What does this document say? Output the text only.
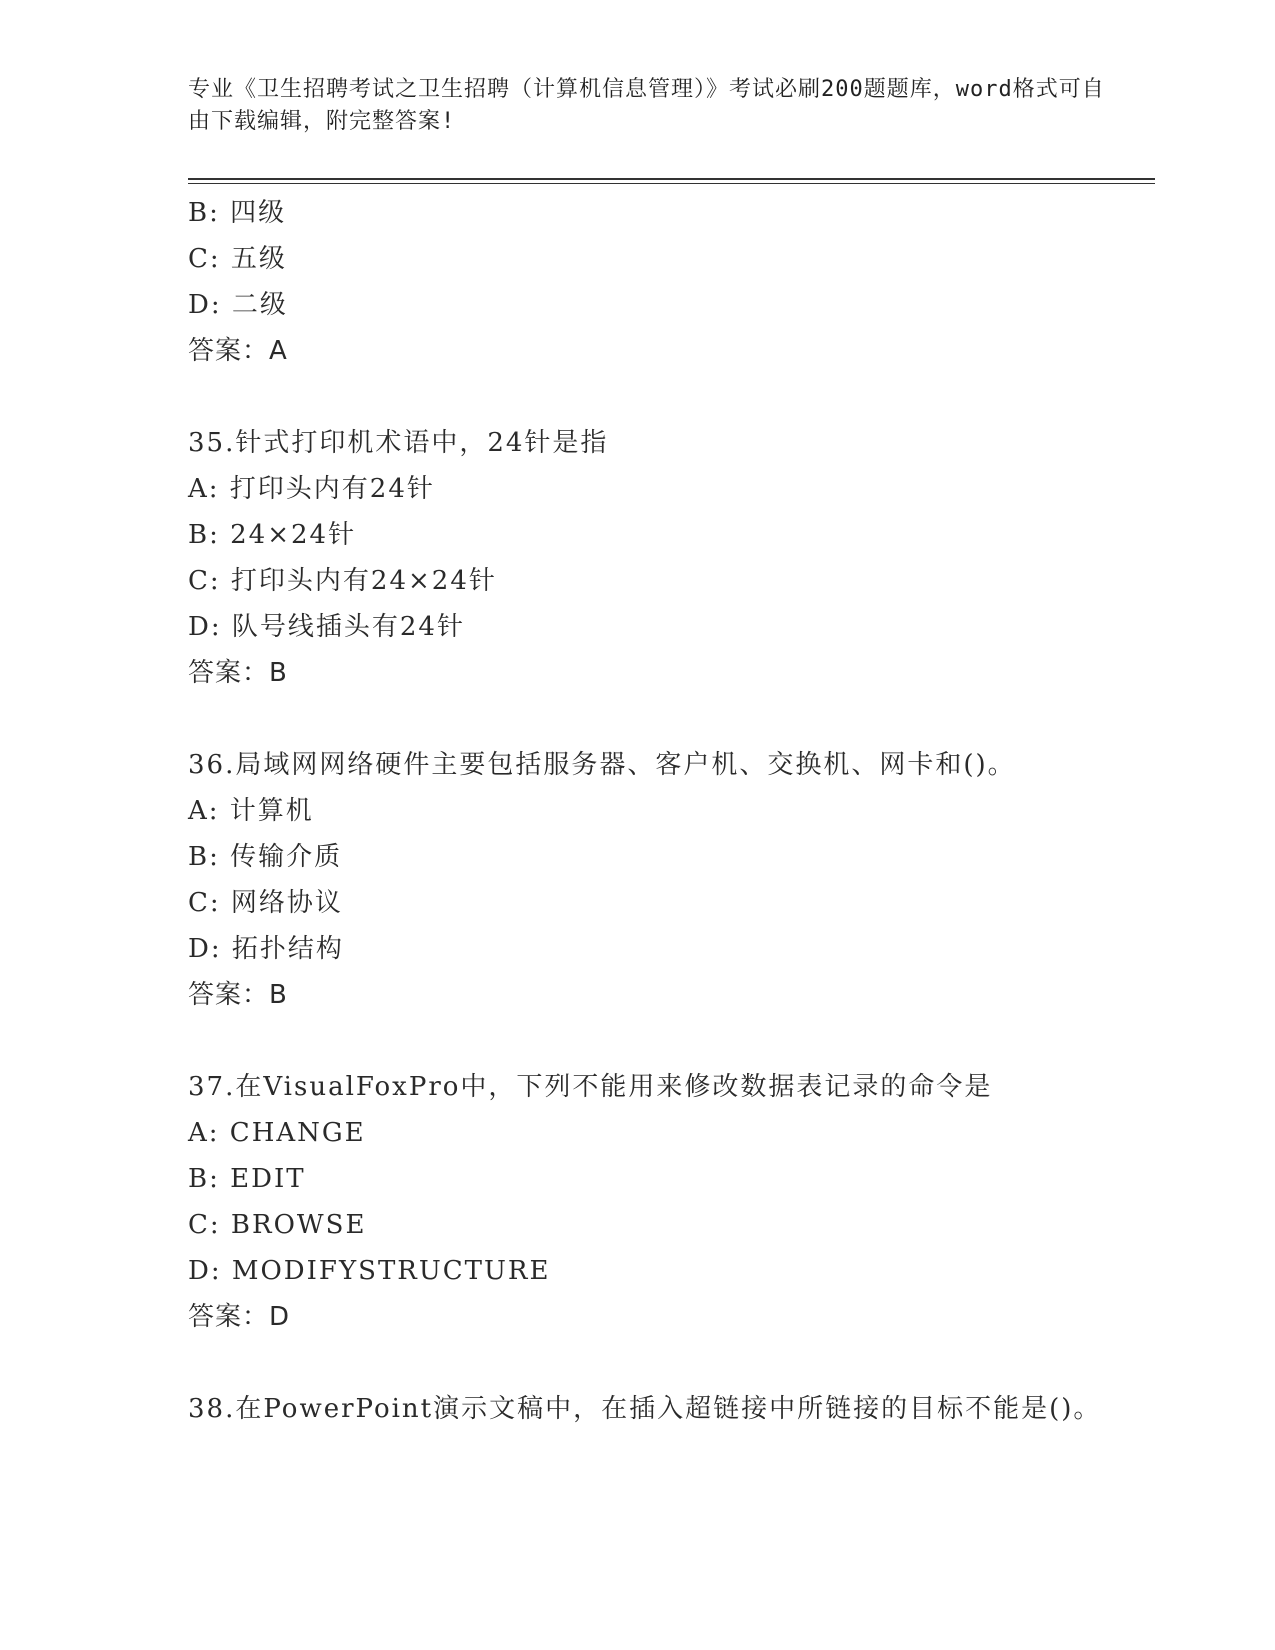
专业《卫生招聘考试之卫生招聘（计算机信息管理）》考试必刷200题题库，word格式可自由下载编辑，附完整答案!
B: 四级
C: 五级
D: 二级
答案：A
35.针式打印机术语中，24针是指
A: 打印头内有24针
B: 24×24针
C: 打印头内有24×24针
D: 队号线插头有24针
答案：B
36.局域网网络硬件主要包括服务器、客户机、交换机、网卡和()。
A: 计算机
B: 传输介质
C: 网络协议
D: 拓扑结构
答案：B
37.在VisualFoxPro中，下列不能用来修改数据表记录的命令是
A: CHANGE
B: EDIT
C: BROWSE
D: MODIFYSTRUCTURE
答案：D
38.在PowerPoint演示文稿中，在插入超链接中所链接的目标不能是()。
